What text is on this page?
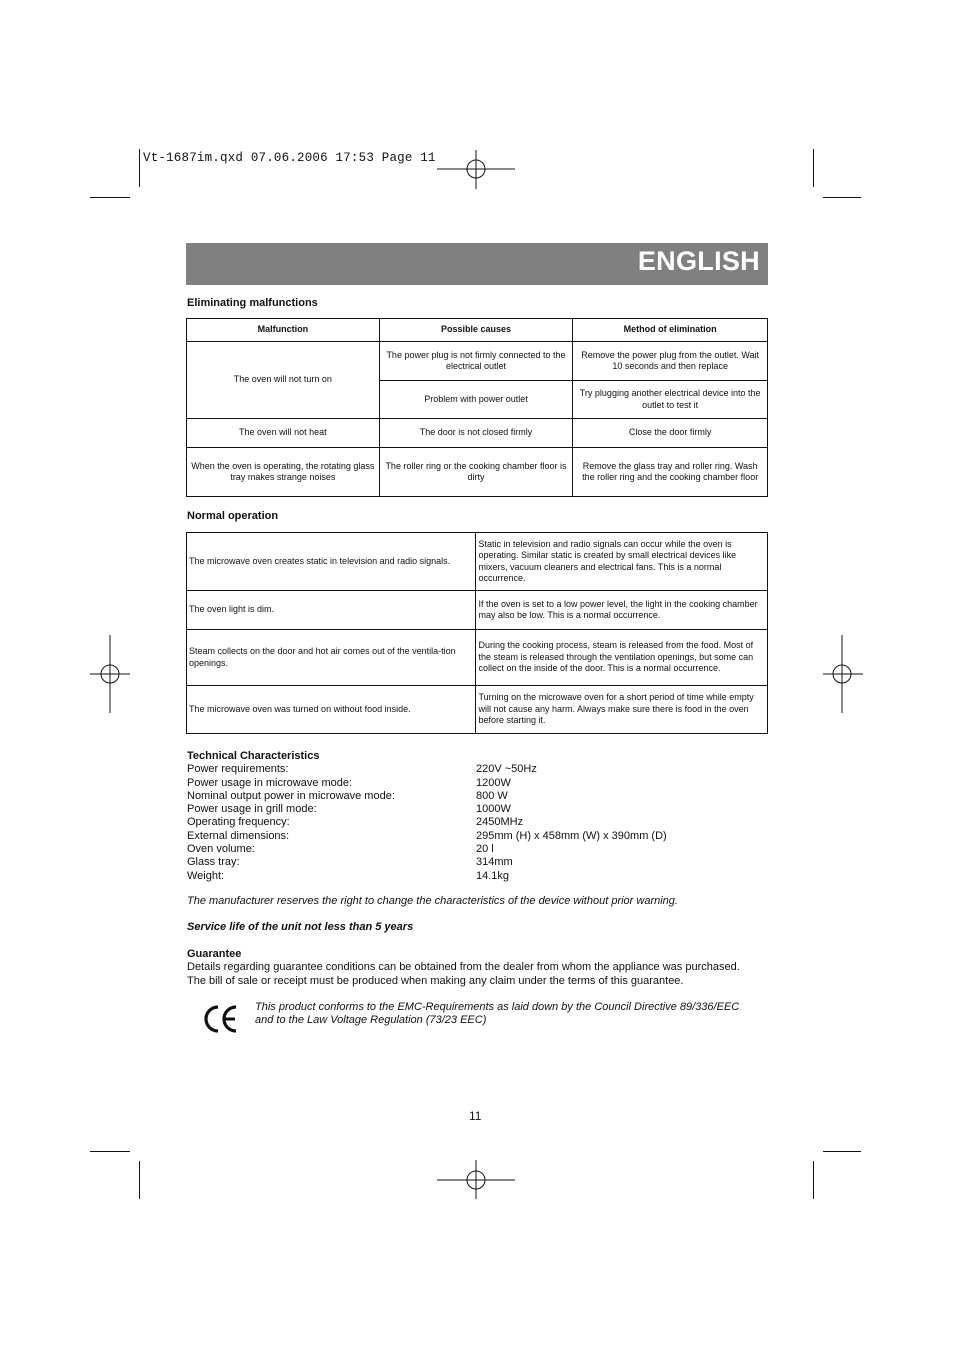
Vt-1687im.qxd 07.06.2006 17:53 Page 11
ENGLISH
Eliminating malfunctions
Malfunction	Possible causes	Method of elimination
The oven will not turn on	The power plug is not firmly connected to the electrical outlet	Remove the power plug from the outlet. Wait 10 seconds and then replace
	Problem with power outlet	Try plugging another electrical device into the outlet to test it
The oven will not heat	The door is not closed firmly	Close the door firmly
When the oven is operating, the rotating glass tray makes strange noises	The roller ring or the cooking chamber floor is dirty	Remove the glass tray and roller ring. Wash the roller ring and the cooking chamber floor
Normal operation
The microwave oven creates static in television and radio signals.	Static in television and radio signals can occur while the oven is operating. Similar static is created by small electrical devices like mixers, vacuum cleaners and electrical fans. This is a normal occurrence.
The oven light is dim.	If the oven is set to a low power level, the light in the cooking chamber may also be low. This is a normal occurrence.
Steam collects on the door and hot air comes out of the ventila-tion openings.	During the cooking process, steam is released from the food. Most of the steam is released through the ventilation openings, but some can collect on the inside of the door. This is a normal occurrence.
The microwave oven was turned on without food inside.	Turning on the microwave oven for a short period of time while empty will not cause any harm. Always make sure there is food in the oven before starting it.
Technical Characteristics
Power requirements:	220V ~50Hz
Power usage in microwave mode:	1200W
Nominal output power in microwave mode:	800 W
Power usage in grill mode:	1000W
Operating frequency:	2450MHz
External dimensions:	295mm (H) x 458mm (W) x 390mm (D)
Oven volume:	20 l
Glass tray:	314mm
Weight:	14.1kg
The manufacturer reserves the right to change the characteristics of the device without prior warning.
Service life of the unit not less than 5 years
Guarantee
Details regarding guarantee conditions can be obtained from the dealer from whom the appliance was purchased.
The bill of sale or receipt must be produced when making any claim under the terms of this guarantee.
This product conforms to the EMC-Requirements as laid down by the Council Directive 89/336/EEC
and to the Law Voltage Regulation (73/23 EEC)
11
